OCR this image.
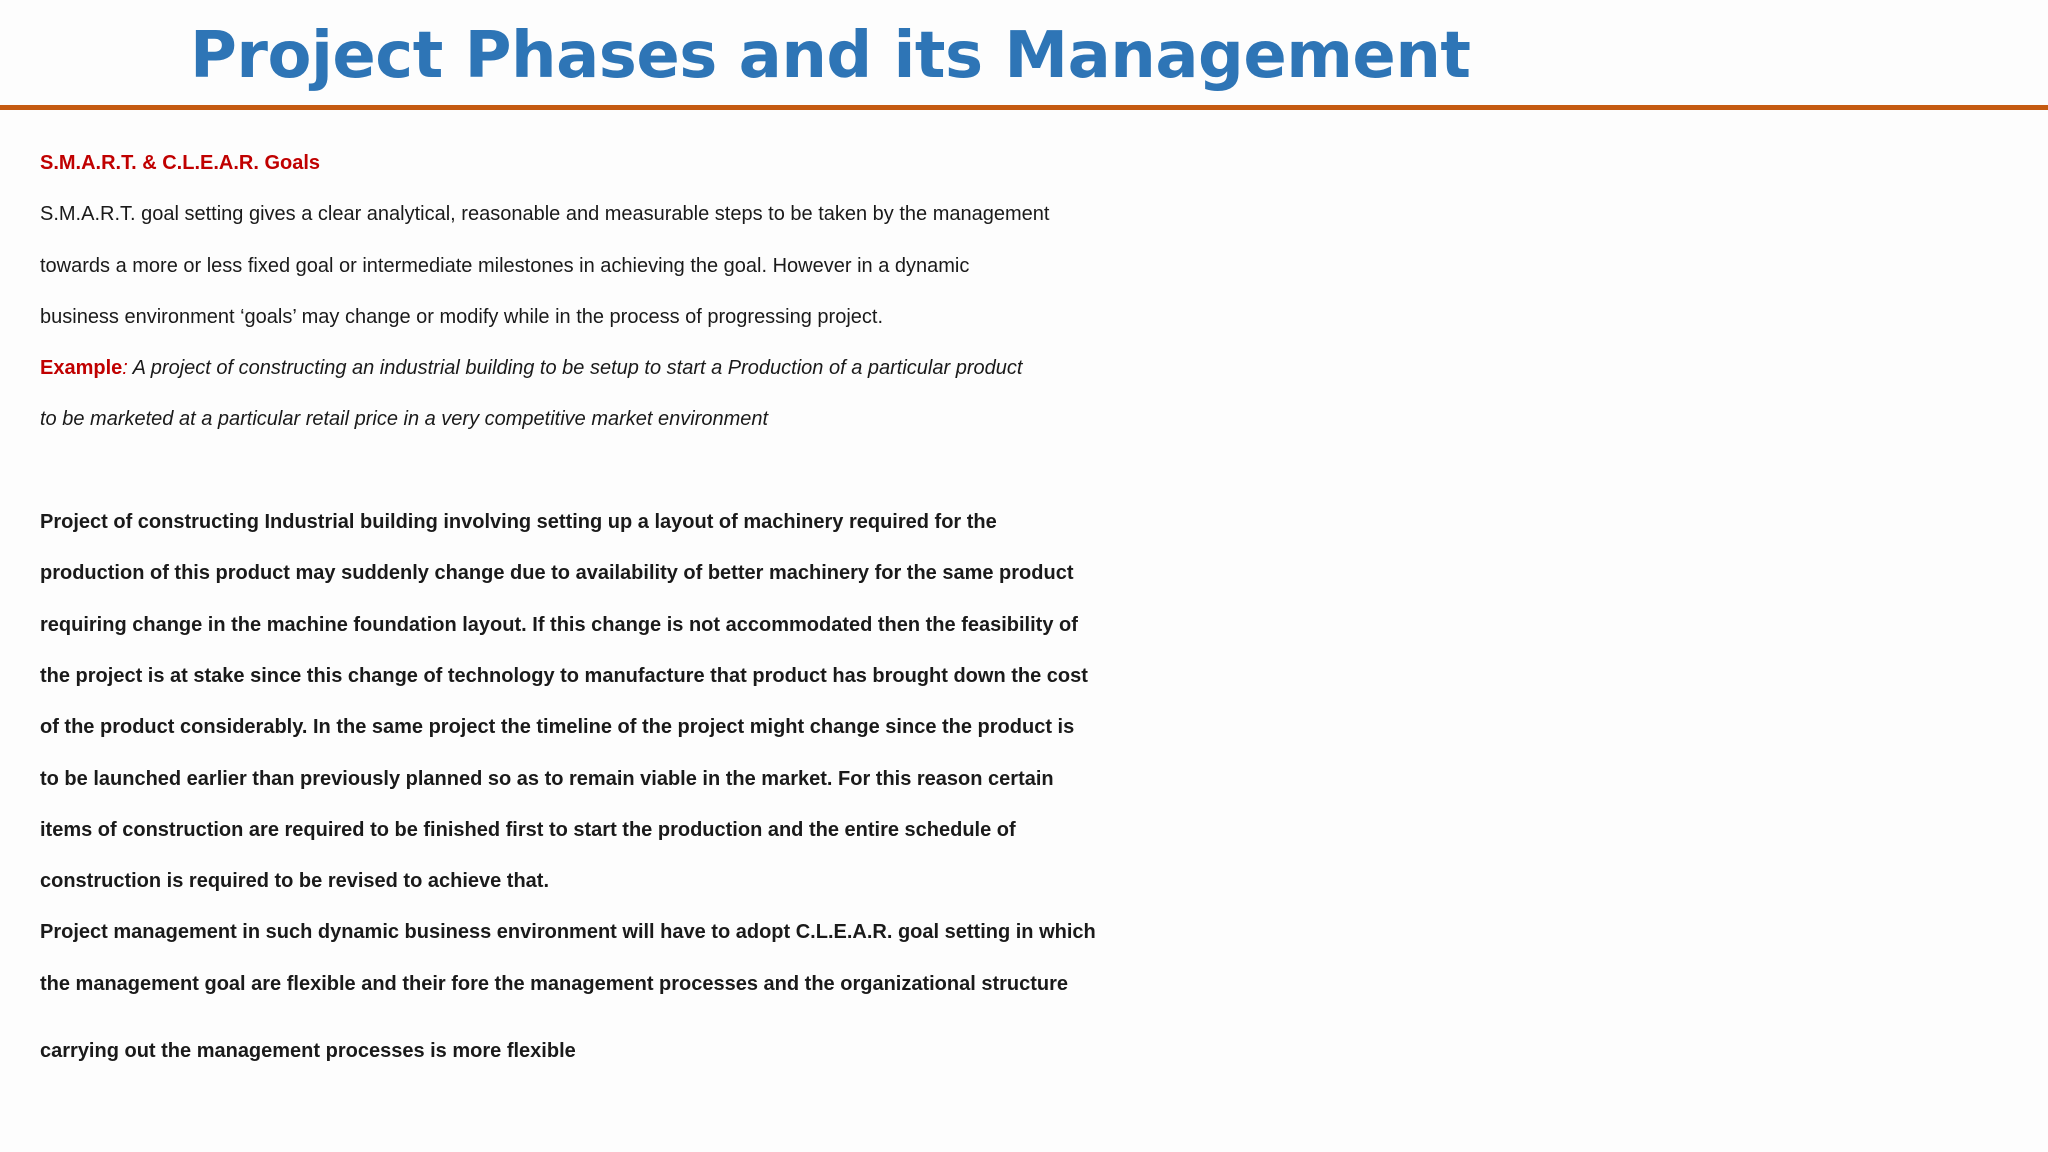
Project Phases and its Management

S.M.A.R.T. & C.L.E.A.R. Goals

S.M.A.R.T. goal setting gives a clear analytical, reasonable and measurable steps to be taken by the management

towards a more or less fixed goal or intermediate milestones in achieving the goal. However in a dynamic

business environment ‘goals’ may change or modify while in the process of progressing project.

Example: A project of constructing an industrial building to be setup to start a Production of a particular product

to be marketed at a particular retail price in a very competitive market environment

Project of constructing Industrial building involving setting up a layout of machinery required for the

production of this product may suddenly change due to availability of better machinery for the same product

requiring change in the machine foundation layout. If this change is not accommodated then the feasibility of

the project is at stake since this change of technology to manufacture that product has brought down the cost

of the product considerably. In the same project the timeline of the project might change since the product is

to be launched earlier than previously planned so as to remain viable in the market. For this reason certain

items of construction are required to be finished first to start the production and the entire schedule of

construction is required to be revised to achieve that.

Project management in such dynamic business environment will have to adopt C.L.E.A.R. goal setting in which

the management goal are flexible and their fore the management processes and the organizational structure

carrying out the management processes is more flexible
